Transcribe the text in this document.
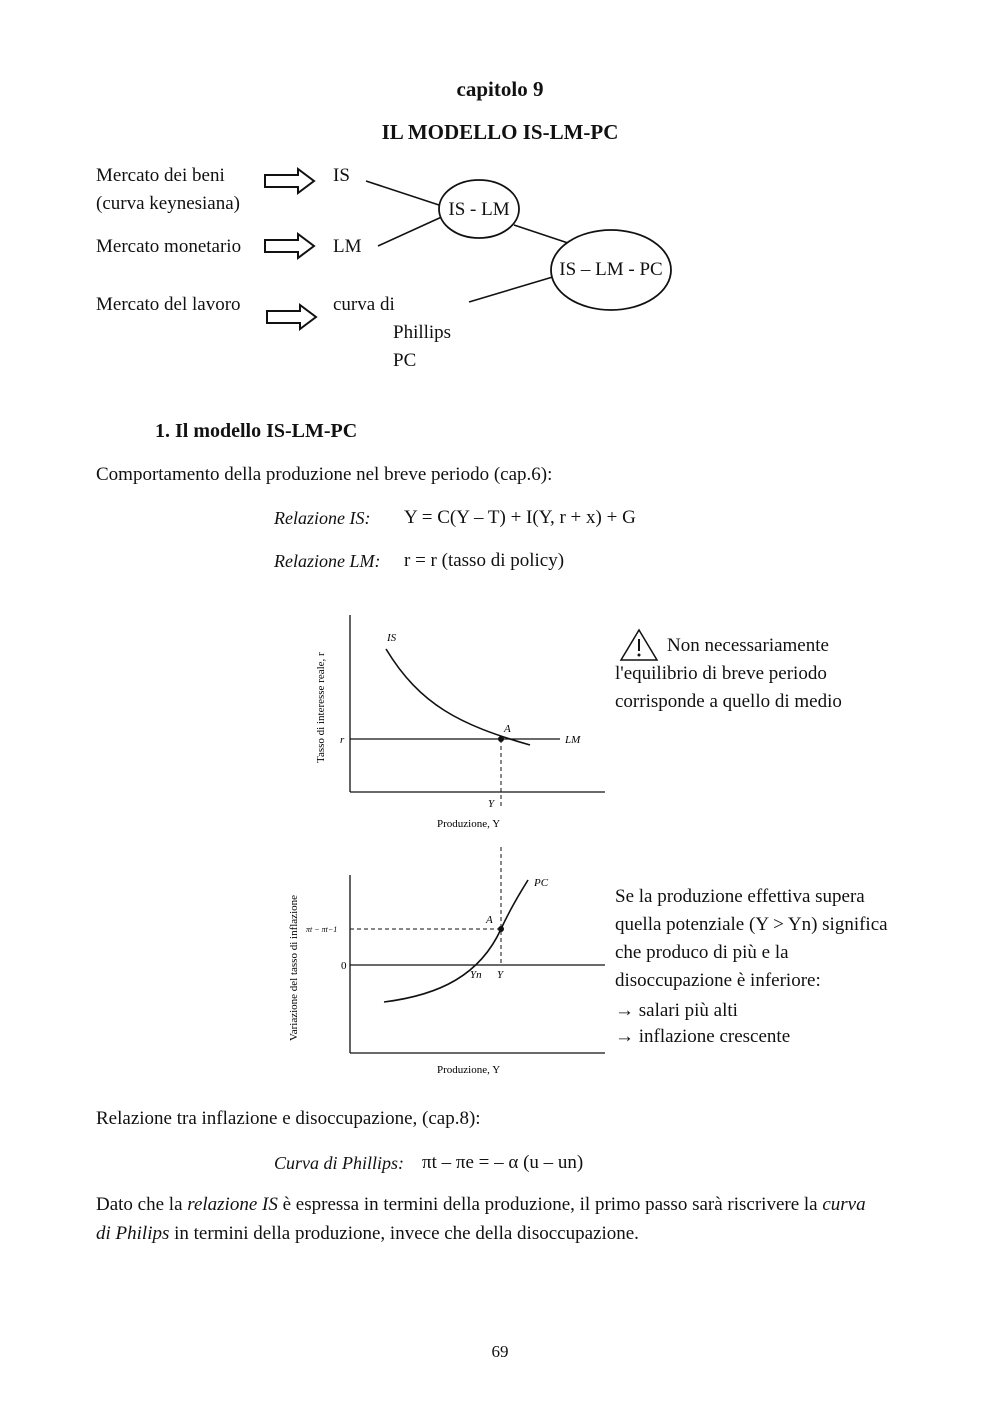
capitolo 9
IL MODELLO IS-LM-PC
Mercato dei beni
(curva keynesiana)
Mercato monetario
Mercato del lavoro
IS
LM
curva di
Phillips
PC
IS - LM
IS – LM - PC
1. Il modello IS-LM-PC
Comportamento della produzione nel breve periodo (cap.6):
Relazione IS: Y = C(Y – T) + I(Y, r + x) + G
Relazione LM: r = r (tasso di policy)
IS
LM
r
A
Y
Produzione, Y
Tasso di interesse reale, r
Non necessariamente
l'equilibrio di breve periodo
corrisponde a quello di medio
PC
A
πt − πt−1
0
Yn Y
Produzione, Y
Variazione del tasso di inflazione	Se la produzione effettiva supera
quella potenziale (Y > Yn) significa
che produco di più e la
disoccupazione è inferiore:
→ salari più alti
→ inflazione crescente
Relazione tra inflazione e disoccupazione, (cap.8):
Curva di Phillips: πt – πe = – α (u – un)
Dato che la relazione IS è espressa in termini della produzione, il primo passo sarà riscrivere la curva
di Philips in termini della produzione, invece che della disoccupazione.
69
